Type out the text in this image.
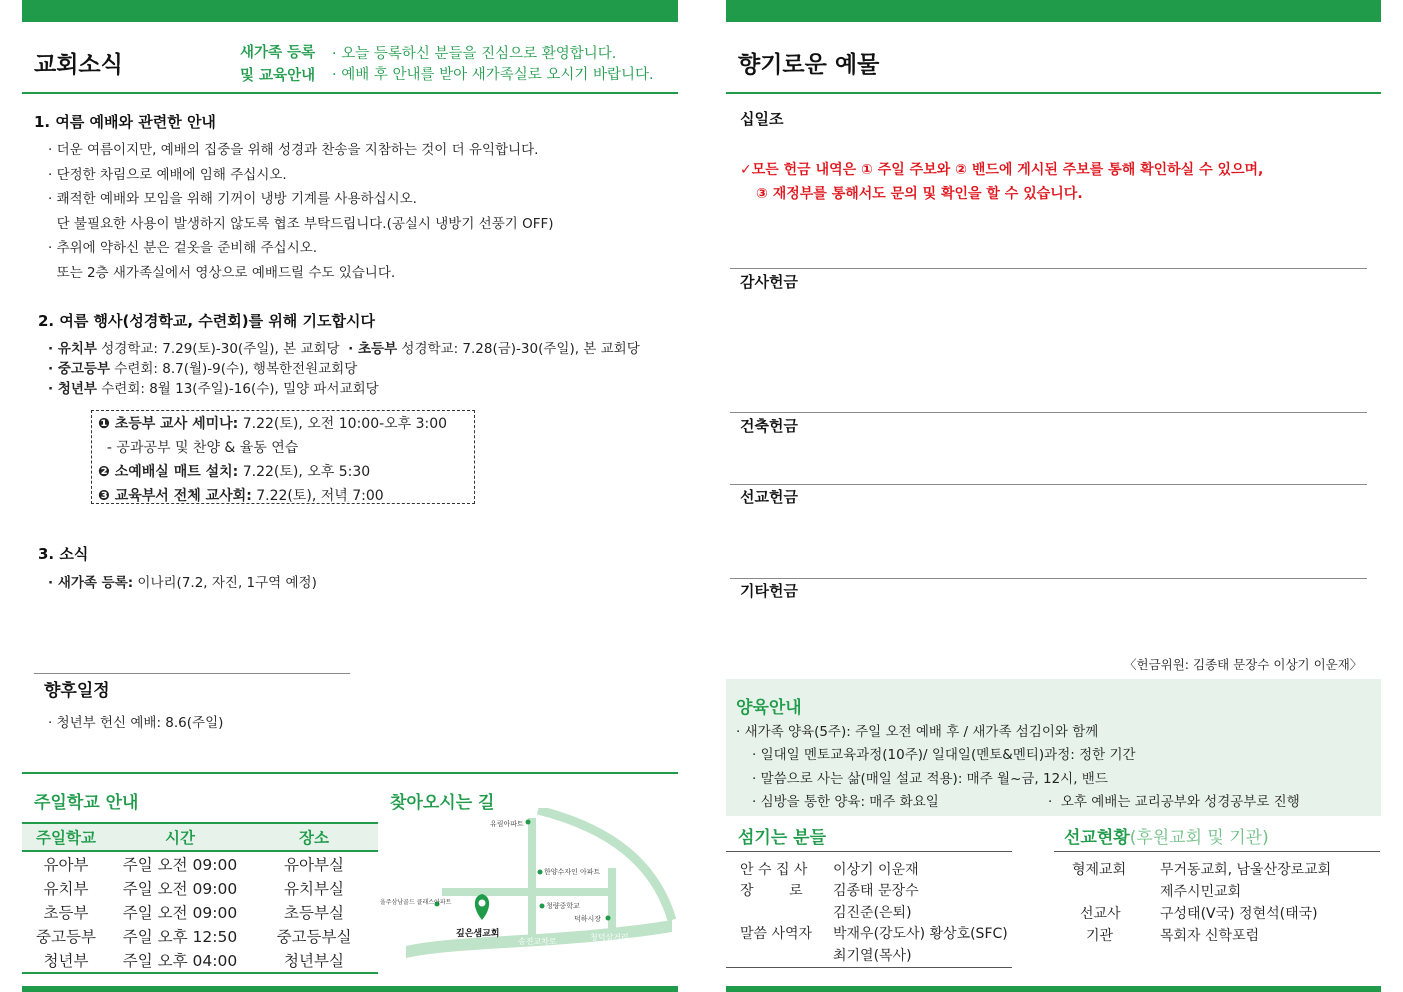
교회소식	새가족 등록
및 교육안내
· 오늘 등록하신 분들을 진심으로 환영합니다.
· 예배 후 안내를 받아 새가족실로 오시기 바랍니다.
1. 여름 예배와 관련한 안내
· 더운 여름이지만, 예배의 집중을 위해 성경과 찬송을 지참하는 것이 더 유익합니다.
· 단정한 차림으로 예배에 임해 주십시오.
· 쾌적한 예배와 모임을 위해 기꺼이 냉방 기계를 사용하십시오.
단 불필요한 사용이 발생하지 않도록 협조 부탁드립니다.(공실시 냉방기 선풍기 OFF)
· 추위에 약하신 분은 겉옷을 준비해 주십시오.
또는 2층 새가족실에서 영상으로 예배드릴 수도 있습니다.
2. 여름 행사(성경학교, 수련회)를 위해 기도합시다
· 유치부 성경학교: 7.29(토)-30(주일), 본 교회당  · 초등부 성경학교: 7.28(금)-30(주일), 본 교회당
· 중고등부 수련회: 8.7(월)-9(수), 행복한전원교회당
· 청년부 수련회: 8월 13(주일)-16(수), 밀양 파서교회당
❶ 초등부 교사 세미나: 7.22(토), 오전 10:00-오후 3:00
- 공과공부 및 찬양 & 율동 연습
❷ 소예배실 매트 설치: 7.22(토), 오후 5:30
❸ 교육부서 전체 교사회: 7.22(토), 저녁 7:00
3. 소식
· 새가족 등록: 이나리(7.2, 자진, 1구역 예정)
향후일정
· 청년부 헌신 예배: 8.6(주일)
주일학교 안내
주일학교	시간	장소
유아부	주일 오전 09:00	유아부실
유치부	주일 오전 09:00	유치부실
초등부	주일 오전 09:00	초등부실
중고등부	주일 오후 12:50	중고등부실
청년부	주일 오후 04:00	청년부실
찾아오시는 길
유림아파트
한양수자인 아파트
울주삼남골드 클래스아파트	청량중학교
덕하시장
깊은샘교회
송진교차로	청덕삼거리
향기로운 예물
십일조
✓모든 헌금 내역은 ① 주일 주보와 ② 밴드에 게시된 주보를 통해 확인하실 수 있으며,
③ 재정부를 통해서도 문의 및 확인을 할 수 있습니다.
감사헌금
건축헌금
선교헌금
기타헌금
〈헌금위원: 김종태 문장수 이상기 이운재〉
양육안내
· 새가족 양육(5주): 주일 오전 예배 후 / 새가족 섬김이와 함께
· 일대일 멘토교육과정(10주)/ 일대일(멘토&멘티)과정: 정한 기간
· 말씀으로 사는 삶(매일 설교 적용): 매주 월~금, 12시, 밴드
· 심방을 통한 양육: 매주 화요일	·  오후 예배는 교리공부와 성경공부로 진행
섬기는 분들
안 수 집 사 이상기 이운재
장        로 김종태 문장수
김진준(은퇴)
말씀 사역자 박재우(강도사) 황상호(SFC)
최기열(목사)
선교현황(후원교회 및 기관)
형제교회 무거동교회, 남울산장로교회
제주시민교회
선교사	구성태(V국) 정현석(태국)
기관	목회자 신학포럼
